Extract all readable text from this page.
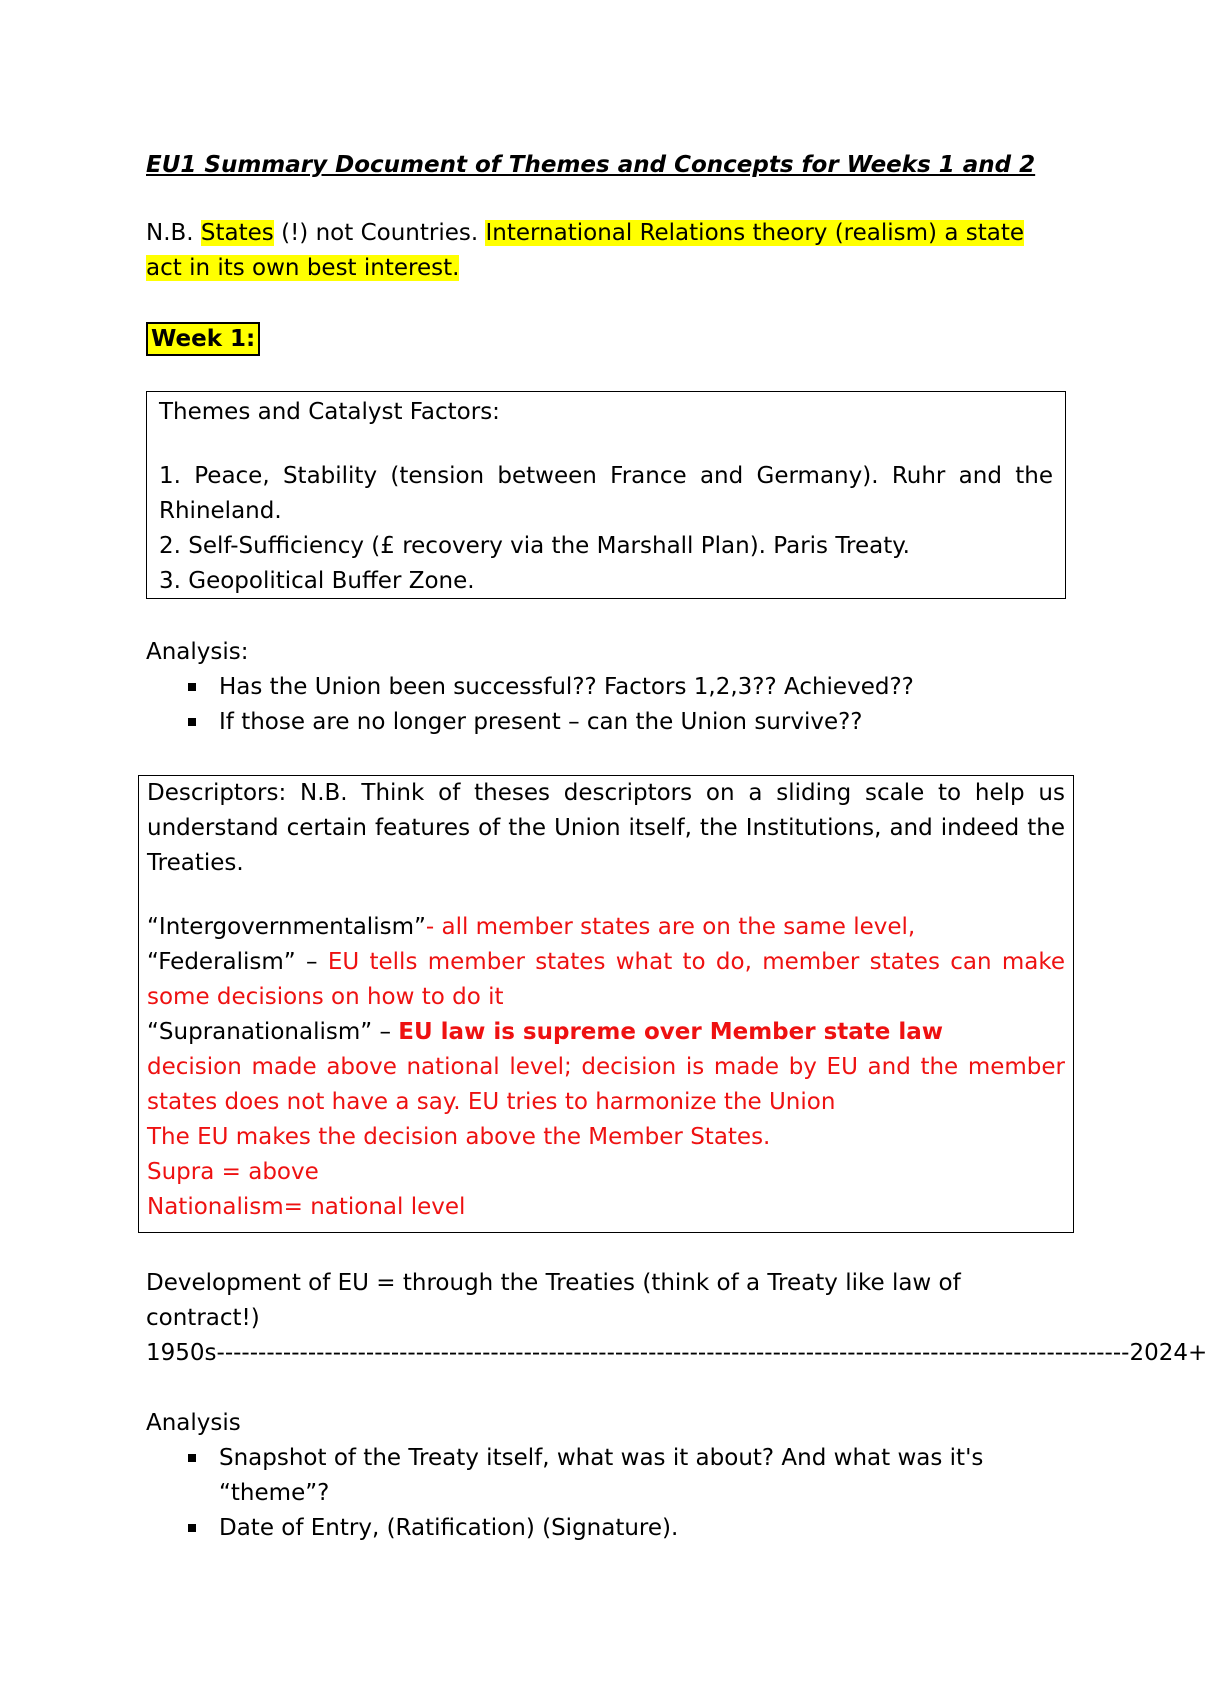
EU1 Summary Document of Themes and Concepts for Weeks 1 and 2
N.B. States (!) not Countries. International Relations theory (realism) a state act in its own best interest.
Week 1:

Themes and Catalyst Factors:

1. Peace, Stability (tension between France and Germany). Ruhr and the Rhineland.

2. Self-Sufficiency (£ recovery via the Marshall Plan). Paris Treaty.

3. Geopolitical Buffer Zone.

Analysis:
Has the Union been successful?? Factors 1,2,3?? Achieved??
If those are no longer present – can the Union survive??

Descriptors: N.B. Think of theses descriptors on a sliding scale to help us understand certain features of the Union itself, the Institutions, and indeed the Treaties.

“Intergovernmentalism”- all member states are on the same level,

“Federalism” – EU tells member states what to do, member states can make some decisions on how to do it

“Supranationalism” – EU law is supreme over Member state law

decision made above national level; decision is made by EU and the member states does not have a say. EU tries to harmonize the Union

The EU makes the decision above the Member States.

Supra = above

Nationalism= national level

Development of EU = through the Treaties (think of a Treaty like law of contract!)
1950s -------------------------------------------------------------------------------------------------------------- 2024+
Analysis
Snapshot of the Treaty itself, what was it about? And what was it's “theme”?
Date of Entry, (Ratification) (Signature).
